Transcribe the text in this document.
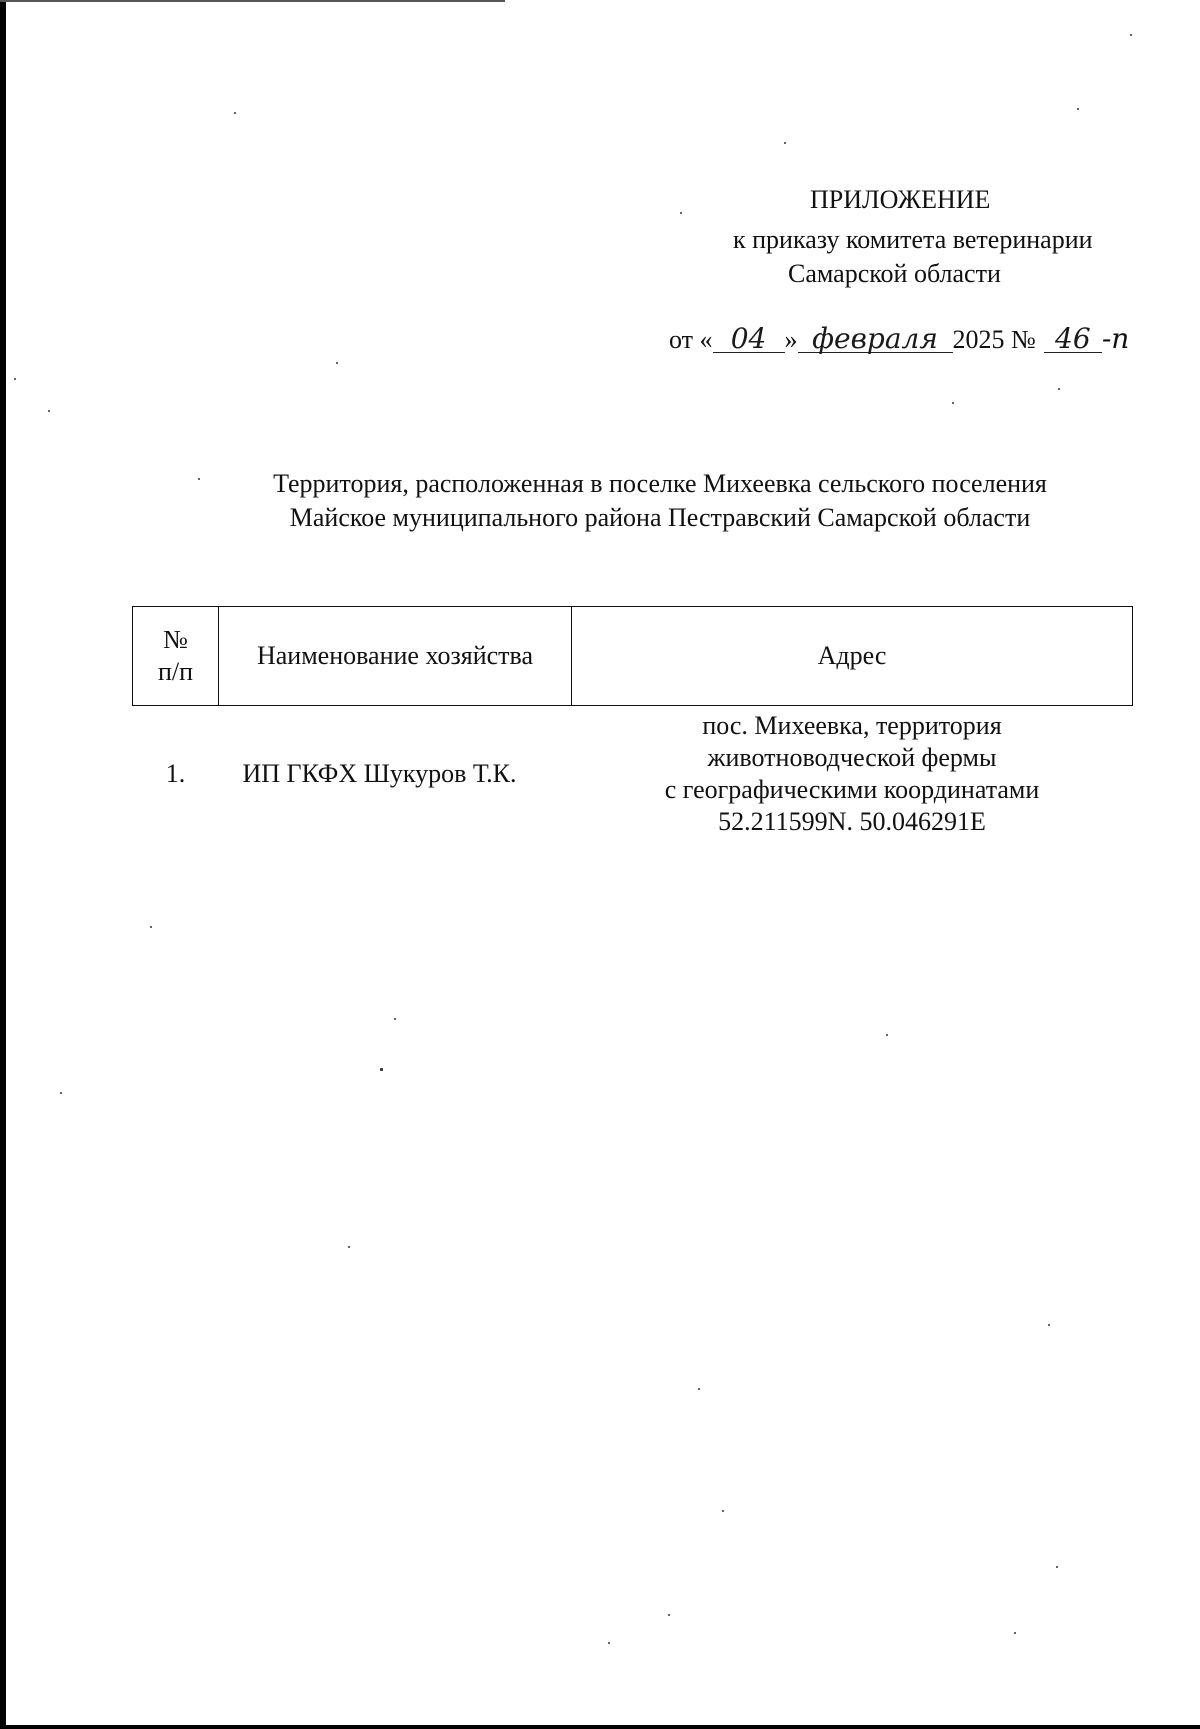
ПРИЛОЖЕНИЕ
к приказу комитета ветеринарии
Самарской области
от « 04 » февраля 2025 № 46 -п
Территория, расположенная в поселке Михеевка сельского поселения
Майское муниципального района Пестравский Самарской области
№
п/п	Наименование хозяйства	Адрес
1.	ИП ГКФХ Шукуров Т.К.	пос. Михеевка, территория
животноводческой фермы
с географическими координатами
52.211599N. 50.046291E
